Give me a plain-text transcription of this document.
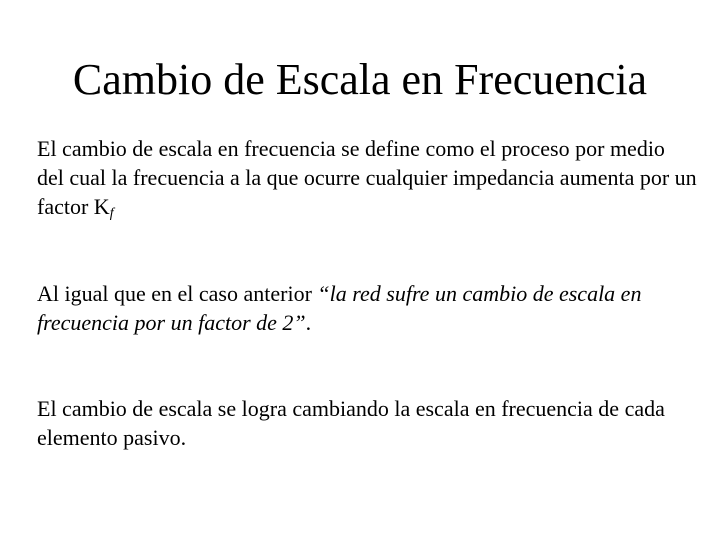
Cambio de Escala en Frecuencia

El cambio de escala en frecuencia se define como el proceso por medio del cual la frecuencia a la que ocurre cualquier impedancia aumenta por un factor $K_f$

Al igual que en el caso anterior “la red sufre un cambio de escala en frecuencia por un factor de 2”.

El cambio de escala se logra cambiando la escala en frecuencia de cada elemento pasivo.
